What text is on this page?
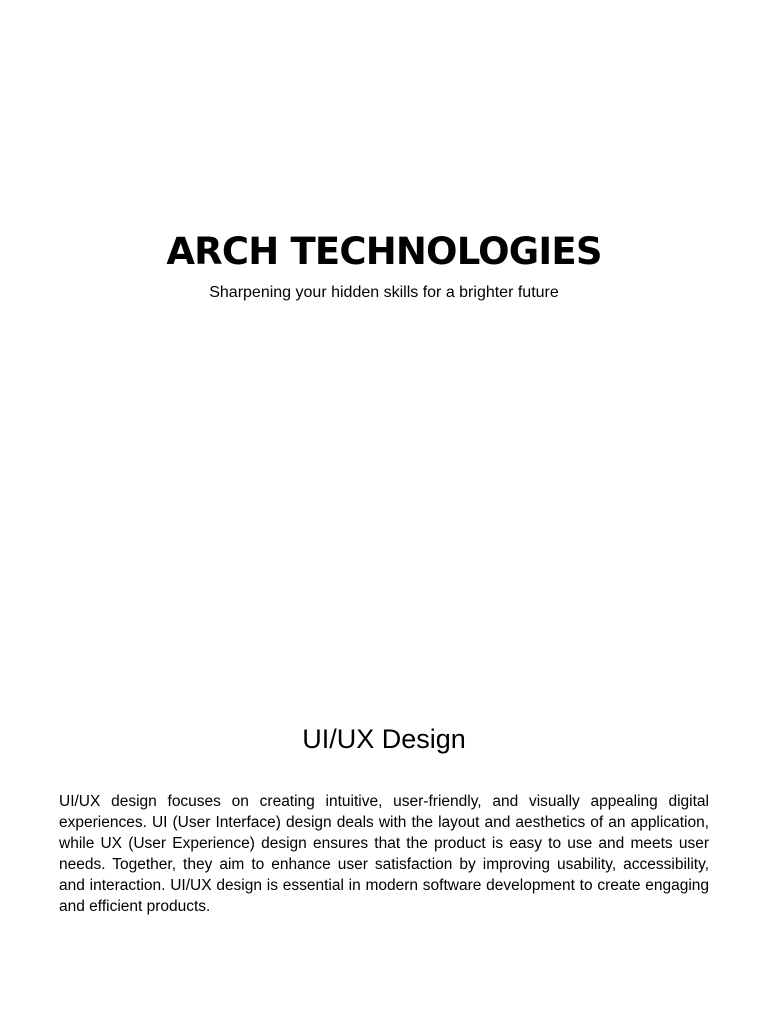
ARCH TECHNOLOGIES

Sharpening your hidden skills for a brighter future

UI/UX Design

UI/UX design focuses on creating intuitive, user-friendly, and visually appealing digital experiences. UI (User Interface) design deals with the layout and aesthetics of an application, while UX (User Experience) design ensures that the product is easy to use and meets user needs. Together, they aim to enhance user satisfaction by improving usability, accessibility, and interaction. UI/UX design is essential in modern software development to create engaging and efficient products.
